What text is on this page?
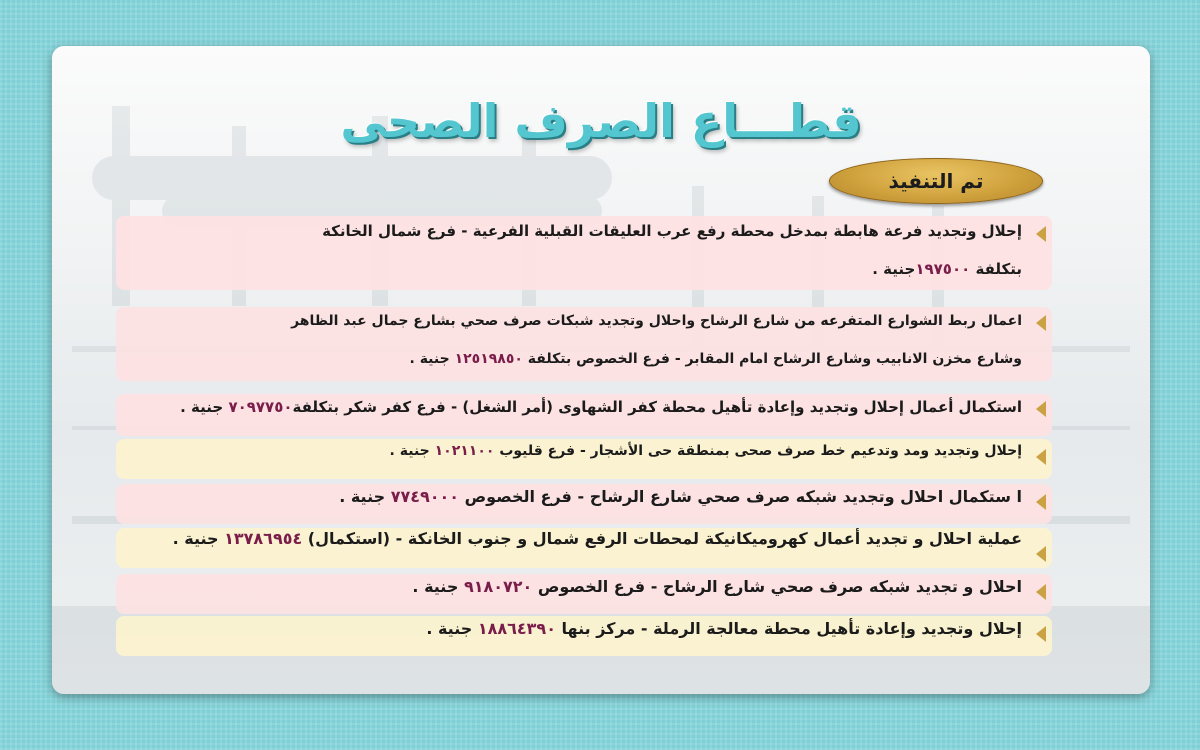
قطـــاع الصرف الصحى
تم التنفيذ
إحلال وتجديد فرعة هابطة بمدخل محطة رفع عرب العليقات القبلية الفرعية - فرع شمال الخانكة
بتكلفة ١٩٧٥٠٠جنية .
اعمال ربط الشوارع المتفرعه من شارع الرشاح واحلال وتجديد شبكات صرف صحي بشارع جمال عبد الظاهر
وشارع مخزن الانابيب وشارع الرشاح امام المقابر - فرع الخصوص بتكلفة ١٢٥١٩٨٥٠ جنية .
استكمال أعمال إحلال وتجديد وإعادة تأهيل محطة كفر الشهاوى (أمر الشغل) - فرع كفر شكر بتكلفة٧٠٩٧٧٥٠ جنية .
إحلال وتجديد ومد وتدعيم خط صرف صحى بمنطقة حى الأشجار - فرع قليوب ١٠٢١١٠٠ جنية .
ا ستكمال احلال وتجديد شبكه صرف صحي شارع الرشاح - فرع الخصوص ٧٧٤٩٠٠٠ جنية .
عملية احلال و تجديد أعمال كهروميكانيكة لمحطات الرفع شمال و جنوب الخانكة - (استكمال) ١٣٧٨٦٩٥٤ جنية .
احلال و تجديد شبكه صرف صحي شارع الرشاح - فرع الخصوص ٩١٨٠٧٢٠ جنية .
إحلال وتجديد وإعادة تأهيل محطة معالجة الرملة - مركز بنها ١٨٨٦٤٣٩٠ جنية .
